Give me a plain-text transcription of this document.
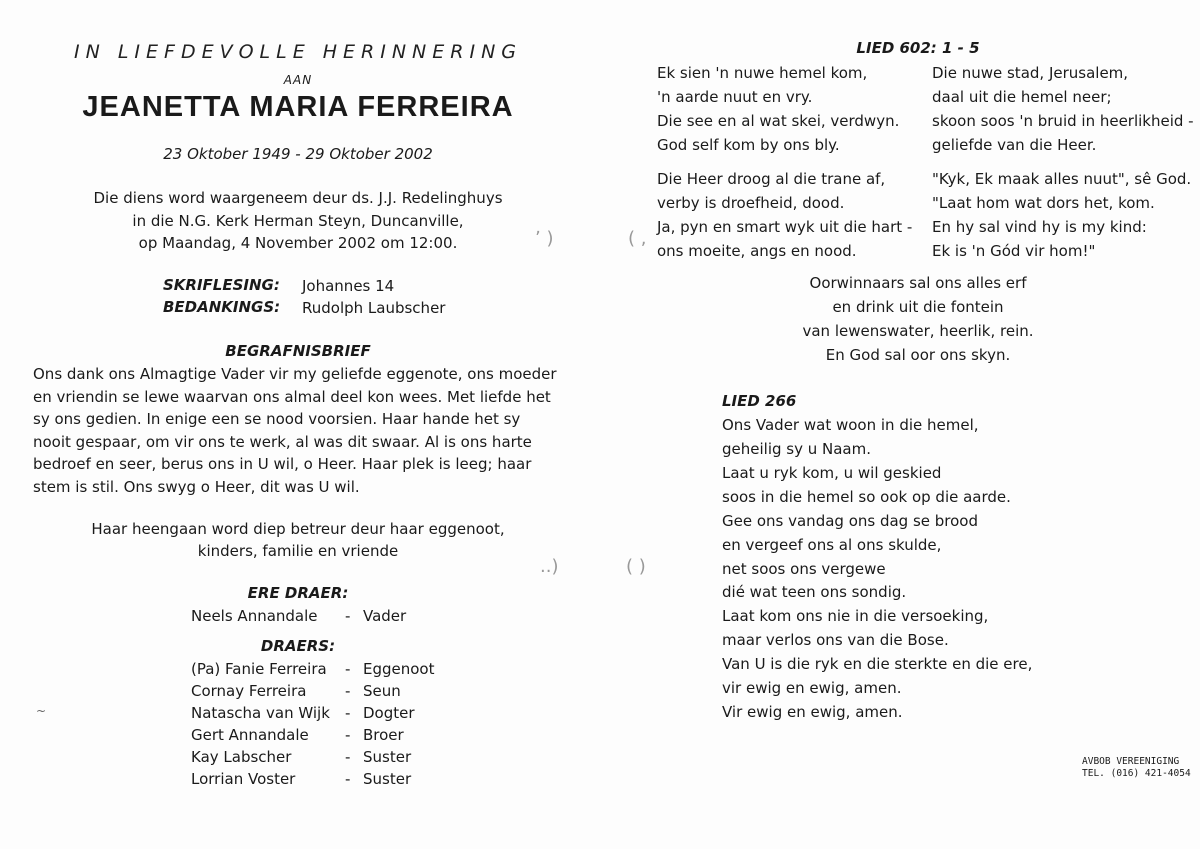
IN LIEFDEVOLLE HERINNERING
AAN
JEANETTA MARIA FERREIRA
23 Oktober 1949 - 29 Oktober 2002
Die diens word waargeneem deur ds. J.J. Redelinghuys
in die N.G. Kerk Herman Steyn, Duncanville,
op Maandag, 4 November 2002 om 12:00.
SKRIFLESING: Johannes 14
BEDANKINGS: Rudolph Laubscher
BEGRAFNISBRIEF
Ons dank ons Almagtige Vader vir my geliefde eggenote, ons moeder
en vriendin se lewe waarvan ons almal deel kon wees. Met liefde het
sy ons gedien. In enige een se nood voorsien. Haar hande het sy
nooit gespaar, om vir ons te werk, al was dit swaar. Al is ons harte
bedroef en seer, berus ons in U wil, o Heer. Haar plek is leeg; haar
stem is stil. Ons swyg o Heer, dit was U wil.
Haar heengaan word diep betreur deur haar eggenoot,
kinders, familie en vriende
ERE DRAER:
Neels Annandale - Vader
DRAERS:
(Pa) Fanie Ferreira - Eggenoot
Cornay Ferreira	- Seun
Natascha van Wijk - Dogter
Gert Annandale - Broer
Kay Labscher	- Suster
Lorrian Voster	- Suster
ʼ )	( ,
..)	( )
LIED 602: 1 - 5
Ek sien 'n nuwe hemel kom,
'n aarde nuut en vry.
Die see en al wat skei, verdwyn.
God self kom by ons bly.
Die nuwe stad, Jerusalem,
daal uit die hemel neer;
skoon soos 'n bruid in heerlikheid -
geliefde van die Heer.
Die Heer droog al die trane af,
verby is droefheid, dood.
Ja, pyn en smart wyk uit die hart -
ons moeite, angs en nood.
"Kyk, Ek maak alles nuut", sê God.
"Laat hom wat dors het, kom.
En hy sal vind hy is my kind:
Ek is 'n Gód vir hom!"
Oorwinnaars sal ons alles erf
en drink uit die fontein
van lewenswater, heerlik, rein.
En God sal oor ons skyn.
LIED 266
Ons Vader wat woon in die hemel,
geheilig sy u Naam.
Laat u ryk kom, u wil geskied
soos in die hemel so ook op die aarde.
Gee ons vandag ons dag se brood
en vergeef ons al ons skulde,
net soos ons vergewe
dié wat teen ons sondig.
Laat kom ons nie in die versoeking,
maar verlos ons van die Bose.
Van U is die ryk en die sterkte en die ere,
vir ewig en ewig, amen.
Vir ewig en ewig, amen.
AVBOB VEREENIGING
TEL. (016) 421-4054
~
